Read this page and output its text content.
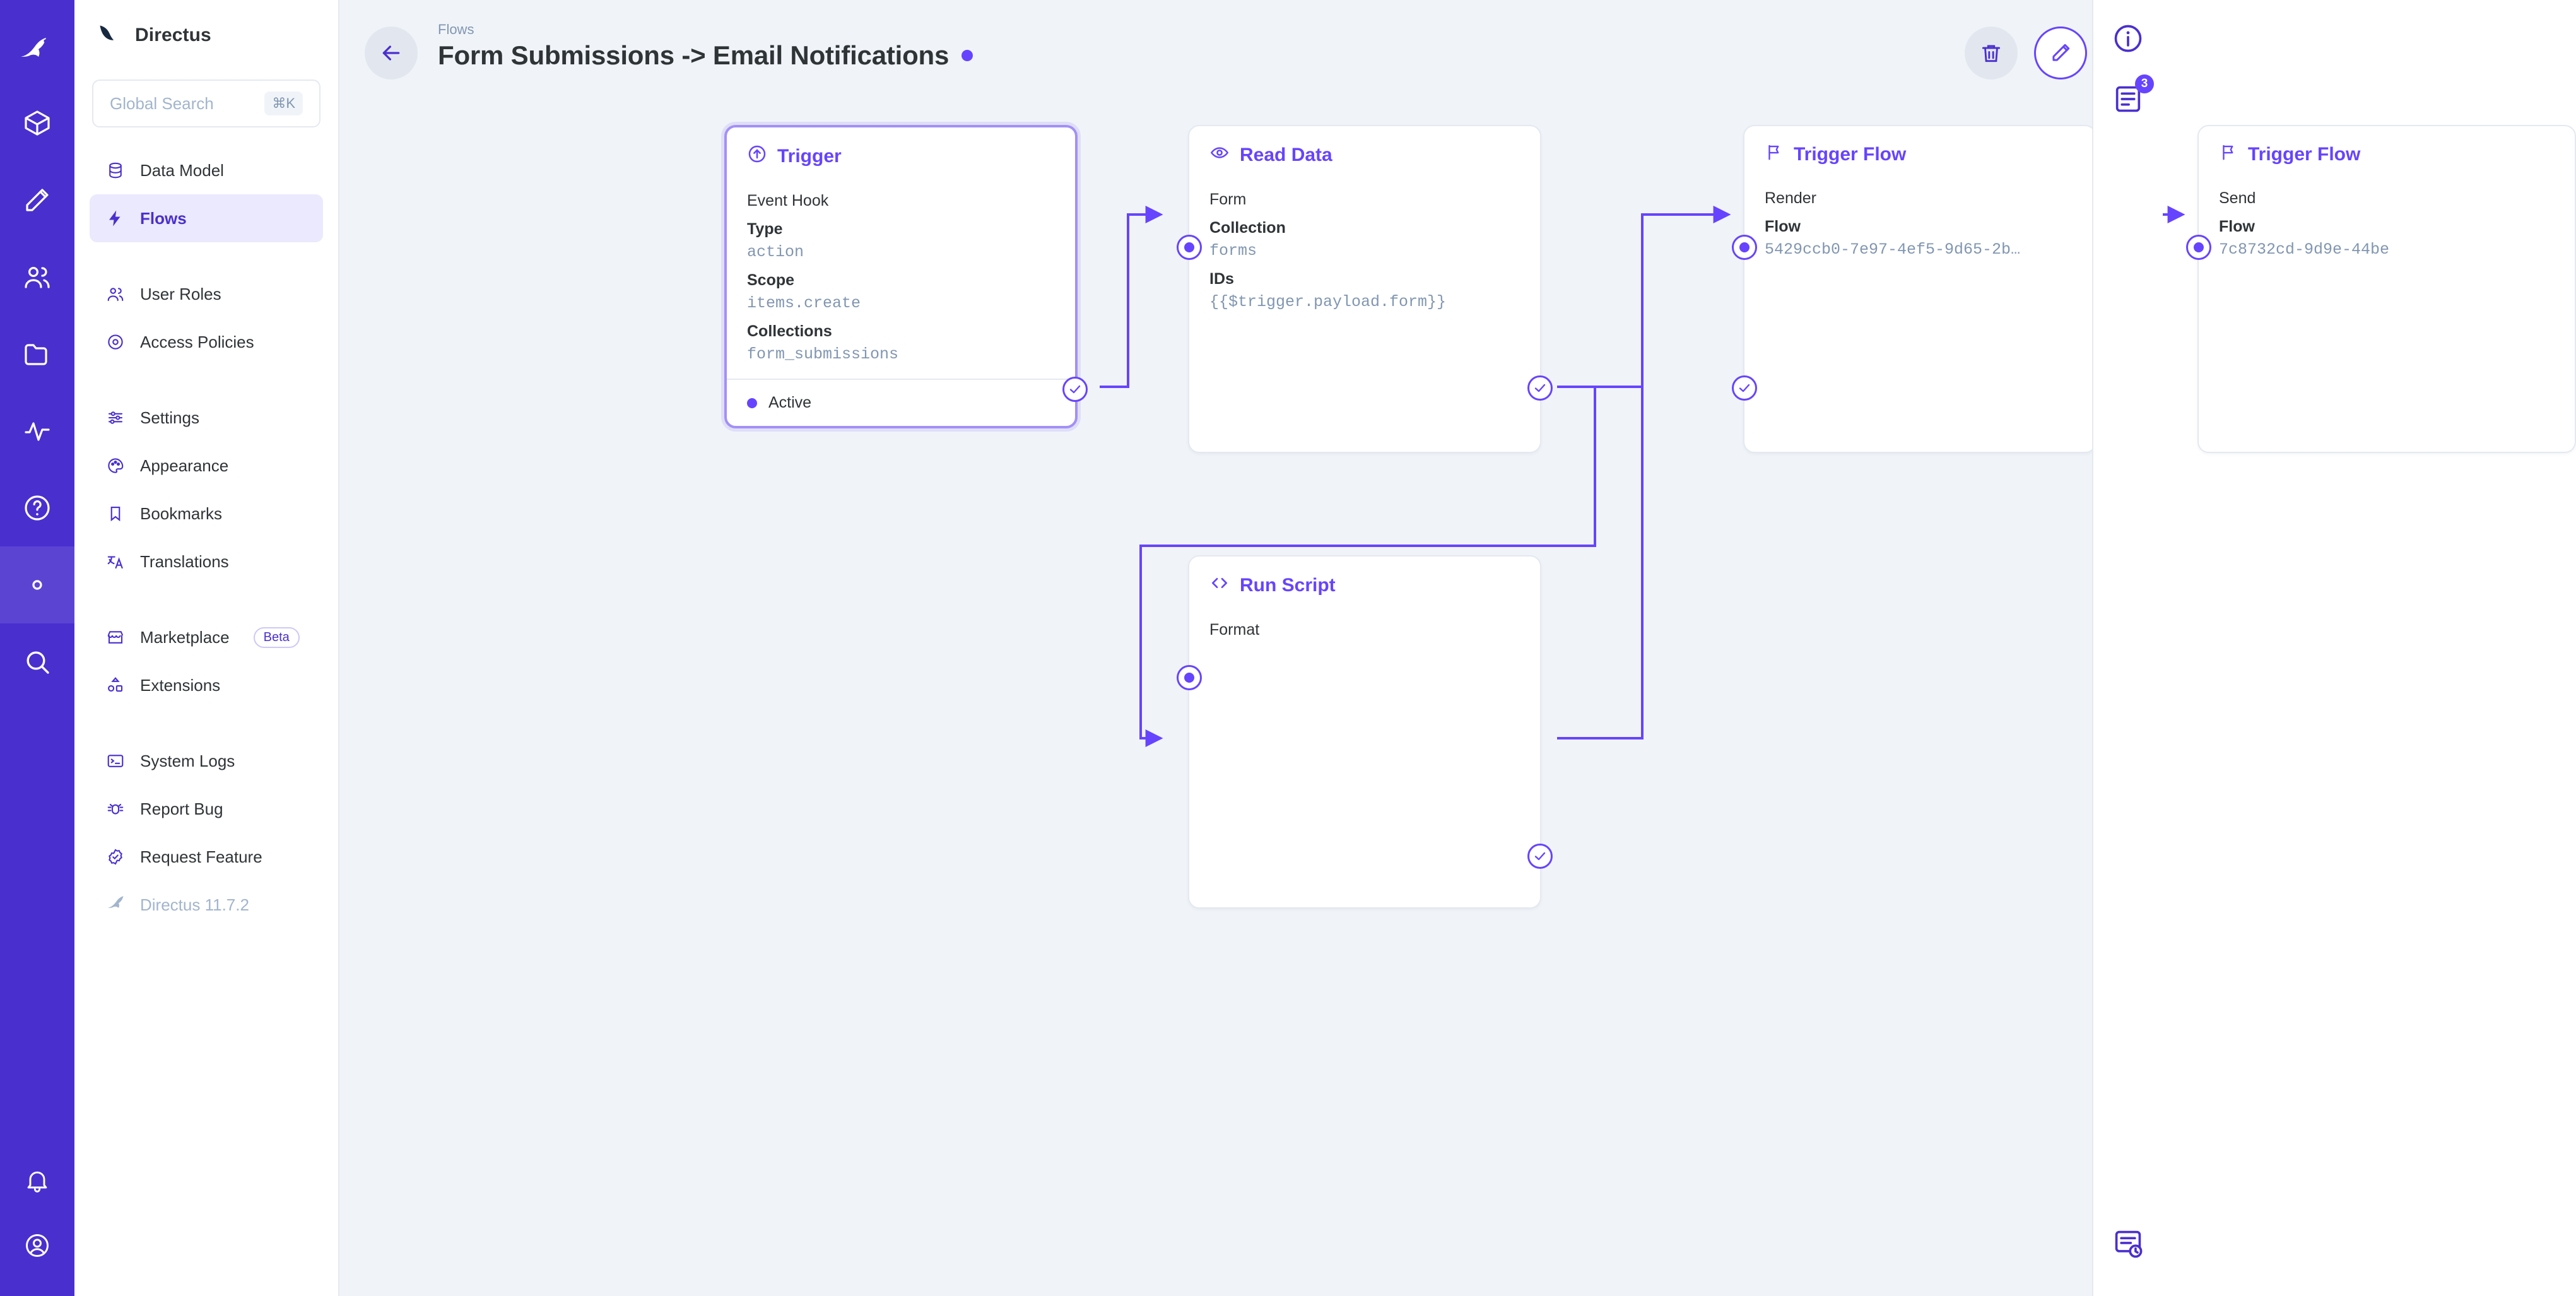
Directus
Global Search	⌘K
Data Model
Flows
User Roles
Access Policies
Settings
Appearance
Bookmarks
Translations
Marketplace	Beta
Extensions
System Logs
Report Bug
Request Feature
Directus 11.7.2
Flows
Form Submissions -> Email Notifications
Trigger
Event Hook
Type
action
Scope
items.create
Collections
form_submissions
Active
Read Data
Form
Collection
forms
IDs
{{$trigger.payload.form}}
Run Script
Format
Trigger Flow
Render
Flow
5429ccb0-7e97-4ef5-9d65-2b…
Trigger Flow
Send
Flow
7c8732cd-9d9e-44be
3
